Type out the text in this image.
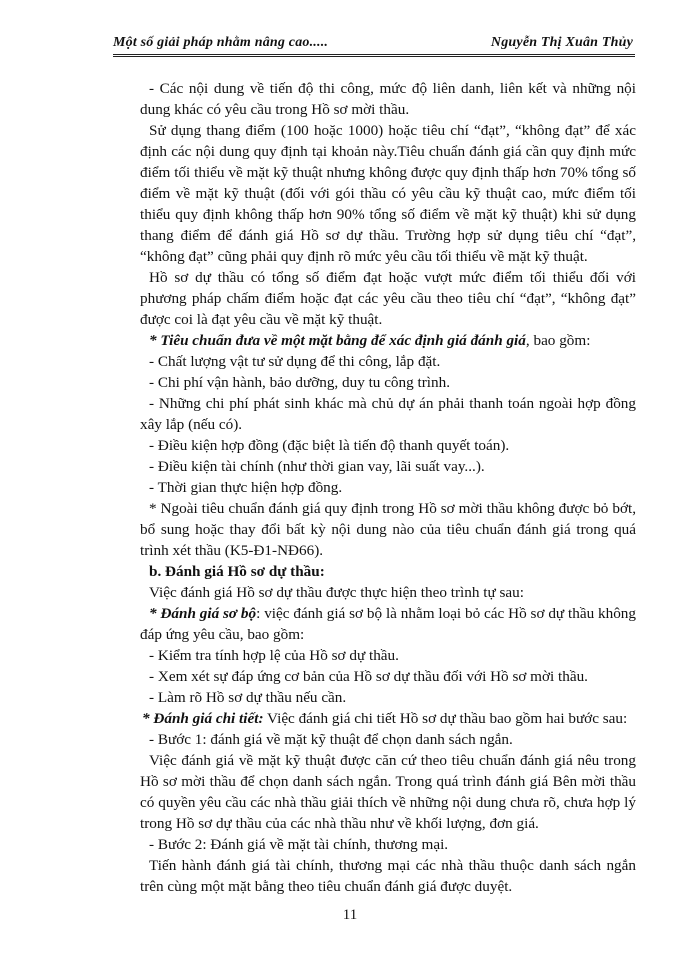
Một số giải pháp nhằm nâng cao.....	Nguyễn Thị Xuân Thủy

- Các nội dung về tiến độ thi công, mức độ liên danh, liên kết và những nội dung khác có yêu cầu trong Hồ sơ mời thầu.

Sử dụng thang điểm (100 hoặc 1000) hoặc tiêu chí “đạt”, “không đạt” để xác định các nội dung quy định tại khoản này.Tiêu chuẩn đánh giá cần quy định mức điểm tối thiểu về mặt kỹ thuật nhưng không được quy định thấp hơn 70% tổng số điểm về mặt kỹ thuật (đối với gói thầu có yêu cầu kỹ thuật cao, mức điểm tối thiểu quy định không thấp hơn 90% tổng số điểm về mặt kỹ thuật) khi sử dụng thang điểm để đánh giá Hồ sơ dự thầu. Trường hợp sử dụng tiêu chí “đạt”, “không đạt” cũng phải quy định rõ mức yêu cầu tối thiểu về mặt kỹ thuật.

Hồ sơ dự thầu có tổng số điểm đạt hoặc vượt mức điểm tối thiểu đối với phương pháp chấm điểm hoặc đạt các yêu cầu theo tiêu chí “đạt”, “không đạt” được coi là đạt yêu cầu về mặt kỹ thuật.

* Tiêu chuẩn đưa về một mặt bằng để xác định giá đánh giá, bao gồm:

- Chất lượng vật tư sử dụng để thi công, lắp đặt.

- Chi phí vận hành, bảo dưỡng, duy tu công trình.

- Những chi phí phát sinh khác mà chủ dự án phải thanh toán ngoài hợp đồng xây lắp (nếu có).

- Điều kiện hợp đồng (đặc biệt là tiến độ thanh quyết toán).

- Điều kiện tài chính (như thời gian vay, lãi suất vay...).

- Thời gian thực hiện hợp đồng.

* Ngoài tiêu chuẩn đánh giá quy định trong Hồ sơ mời thầu không được bỏ bớt, bổ sung hoặc thay đổi bất kỳ nội dung nào của tiêu chuẩn đánh giá trong quá trình xét thầu (K5-Đ1-NĐ66).

b. Đánh giá Hồ sơ dự thầu:

Việc đánh giá Hồ sơ dự thầu được thực hiện theo trình tự sau:

* Đánh giá sơ bộ: việc đánh giá sơ bộ là nhằm loại bỏ các Hồ sơ dự thầu không đáp ứng yêu cầu, bao gồm:

- Kiểm tra tính hợp lệ của Hồ sơ dự thầu.

- Xem xét sự đáp ứng cơ bản của Hồ sơ dự thầu đối với Hồ sơ mời thầu.

- Làm rõ Hồ sơ dự thầu nếu cần.

* Đánh giá chi tiết: Việc đánh giá chi tiết Hồ sơ dự thầu bao gồm hai bước sau:

- Bước 1: đánh giá về mặt kỹ thuật để chọn danh sách ngắn.

Việc đánh giá về mặt kỹ thuật được căn cứ theo tiêu chuẩn đánh giá nêu trong Hồ sơ mời thầu để chọn danh sách ngắn. Trong quá trình đánh giá Bên mời thầu có quyền yêu cầu các nhà thầu giải thích về những nội dung chưa rõ, chưa hợp lý trong Hồ sơ dự thầu của các nhà thầu như về khối lượng, đơn giá.

- Bước 2: Đánh giá về mặt tài chính, thương mại.

Tiến hành đánh giá tài chính, thương mại các nhà thầu thuộc danh sách ngắn trên cùng một mặt bằng theo tiêu chuẩn đánh giá được duyệt.

11
